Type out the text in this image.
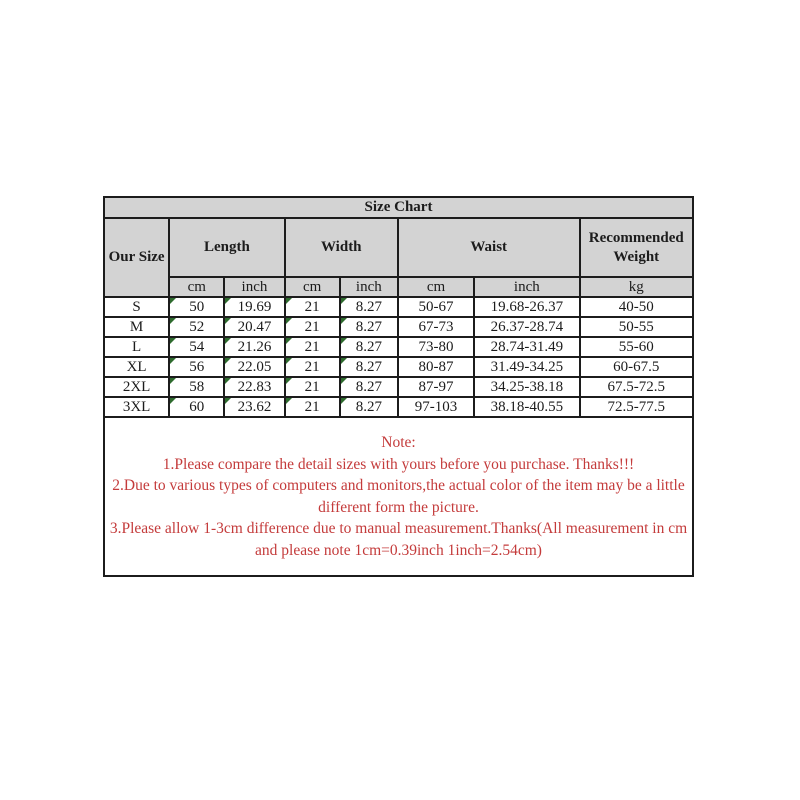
Size Chart							
Our Size	Length		Width		Waist		Recommended Weight
	cm	inch	cm	inch	cm	inch	kg
S	50	19.69	21	8.27	50-67	19.68-26.37	40-50
M	52	20.47	21	8.27	67-73	26.37-28.74	50-55
L	54	21.26	21	8.27	73-80	28.74-31.49	55-60
XL	56	22.05	21	8.27	80-87	31.49-34.25	60-67.5
2XL	58	22.83	21	8.27	87-97	34.25-38.18	67.5-72.5
3XL	60	23.62	21	8.27	97-103	38.18-40.55	72.5-77.5

Note:
1.Please compare the detail sizes with yours before you purchase. Thanks!!!
2.Due to various types of computers and monitors,the actual color of the item may be a little different form the picture.
3.Please allow 1-3cm difference due to manual measurement.Thanks(All measurement in cm and please note 1cm=0.39inch 1inch=2.54cm)							
